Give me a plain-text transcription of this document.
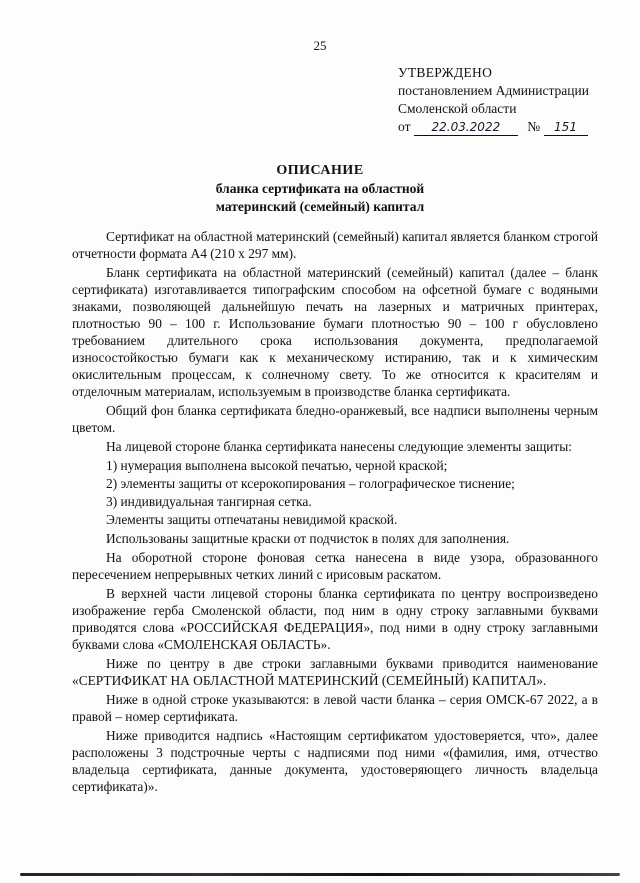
25
УТВЕРЖДЕНО
постановлением Администрации
Смоленской области
от 22.03.2022 № 151
ОПИСАНИЕ
бланка сертификата на областной
материнский (семейный) капитал

Сертификат на областной материнский (семейный) капитал является бланком строгой отчетности формата А4 (210 х 297 мм).

Бланк сертификата на областной материнский (семейный) капитал (далее – бланк сертификата) изготавливается типографским способом на офсетной бумаге с водяными знаками, позволяющей дальнейшую печать на лазерных и матричных принтерах, плотностью 90 – 100 г. Использование бумаги плотностью 90 – 100 г обусловлено требованием длительного срока использования документа, предполагаемой износостойкостью бумаги как к механическому истиранию, так и к химическим окислительным процессам, к солнечному свету. То же относится к красителям и отделочным материалам, используемым в производстве бланка сертификата.

Общий фон бланка сертификата бледно-оранжевый, все надписи выполнены черным цветом.

На лицевой стороне бланка сертификата нанесены следующие элементы защиты:

1) нумерация выполнена высокой печатью, черной краской;

2) элементы защиты от ксерокопирования – голографическое тиснение;

3) индивидуальная тангирная сетка.

Элементы защиты отпечатаны невидимой краской.

Использованы защитные краски от подчисток в полях для заполнения.

На оборотной стороне фоновая сетка нанесена в виде узора, образованного пересечением непрерывных четких линий с ирисовым раскатом.

В верхней части лицевой стороны бланка сертификата по центру воспроизведено изображение герба Смоленской области, под ним в одну строку заглавными буквами приводятся слова «РОССИЙСКАЯ ФЕДЕРАЦИЯ», под ними в одну строку заглавными буквами слова «СМОЛЕНСКАЯ ОБЛАСТЬ».

Ниже по центру в две строки заглавными буквами приводится наименование «СЕРТИФИКАТ НА ОБЛАСТНОЙ МАТЕРИНСКИЙ (СЕМЕЙНЫЙ) КАПИТАЛ».

Ниже в одной строке указываются: в левой части бланка – серия ОМСК-67 2022, а в правой – номер сертификата.

Ниже приводится надпись «Настоящим сертификатом удостоверяется, что», далее расположены 3 подстрочные черты с надписями под ними «(фамилия, имя, отчество владельца сертификата, данные документа, удостоверяющего личность владельца сертификата)».
